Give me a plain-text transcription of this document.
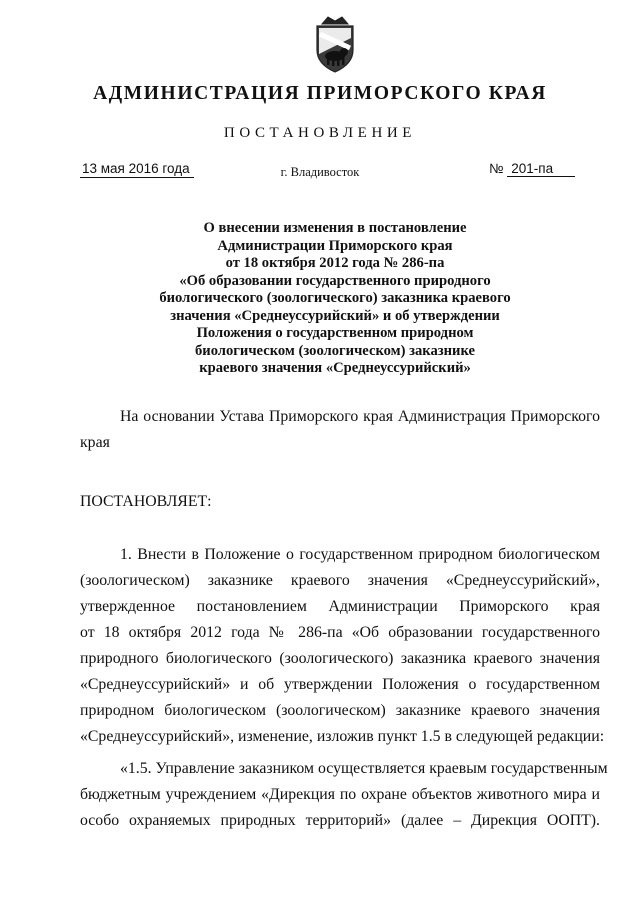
АДМИНИСТРАЦИЯ ПРИМОРСКОГО КРАЯ
ПОСТАНОВЛЕНИЕ
13 мая 2016 года	г. Владивосток	№ 201-па
О внесении изменения в постановление
Администрации Приморского края
от 18 октября 2012 года № 286-па
«Об образовании государственного природного
биологического (зоологического) заказника краевого
значения «Среднеуссурийский» и об утверждении
Положения о государственном природном
биологическом (зоологическом) заказнике
краевого значения «Среднеуссурийский»
На основании Устава Приморского края Администрация Приморского
края
ПОСТАНОВЛЯЕТ:
1. Внести в Положение о государственном природном биологическом
(зоологическом) заказнике краевого значения «Среднеуссурийский»,
утвержденное постановлением Администрации Приморского края
от 18 октября 2012 года № 286-па «Об образовании государственного
природного биологического (зоологического) заказника краевого значения
«Среднеуссурийский» и об утверждении Положения о государственном
природном биологическом (зоологическом) заказнике краевого значения
«Среднеуссурийский», изменение, изложив пункт 1.5 в следующей редакции:
«1.5. Управление заказником осуществляется краевым государственным
бюджетным учреждением «Дирекция по охране объектов животного мира и
особо охраняемых природных территорий» (далее – Дирекция ООПТ).
